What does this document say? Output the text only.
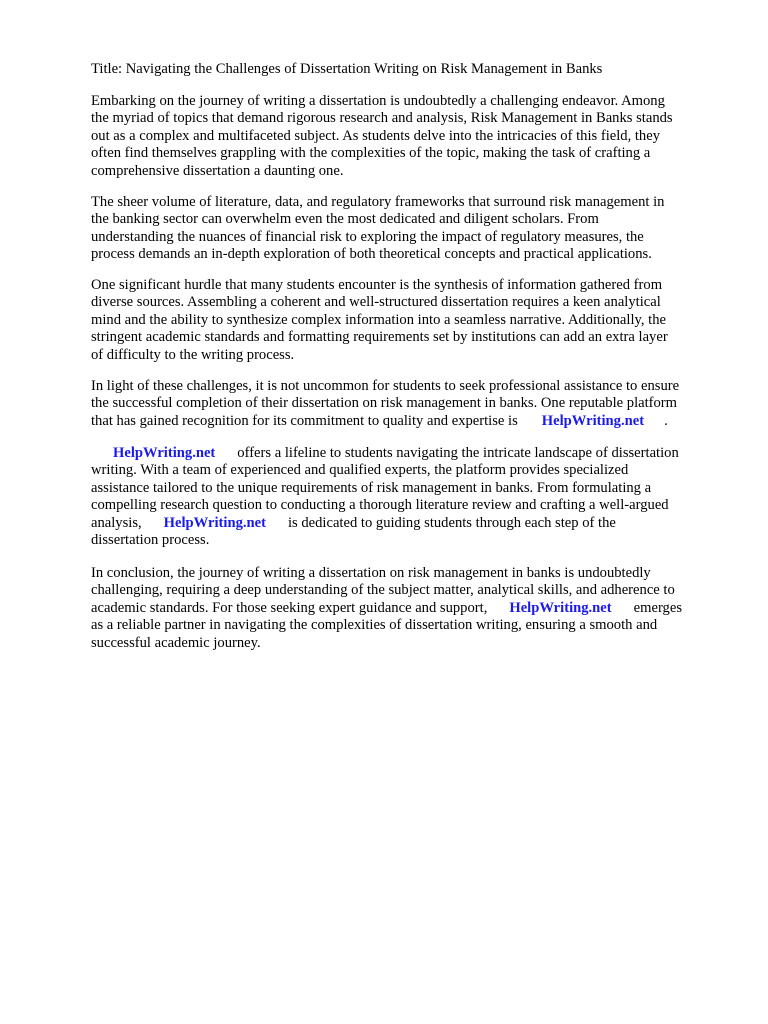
Title: Navigating the Challenges of Dissertation Writing on Risk Management in Banks
Embarking on the journey of writing a dissertation is undoubtedly a challenging endeavor. Among
the myriad of topics that demand rigorous research and analysis, Risk Management in Banks stands
out as a complex and multifaceted subject. As students delve into the intricacies of this field, they
often find themselves grappling with the complexities of the topic, making the task of crafting a
comprehensive dissertation a daunting one.
The sheer volume of literature, data, and regulatory frameworks that surround risk management in
the banking sector can overwhelm even the most dedicated and diligent scholars. From
understanding the nuances of financial risk to exploring the impact of regulatory measures, the
process demands an in-depth exploration of both theoretical concepts and practical applications.
One significant hurdle that many students encounter is the synthesis of information gathered from
diverse sources. Assembling a coherent and well-structured dissertation requires a keen analytical
mind and the ability to synthesize complex information into a seamless narrative. Additionally, the
stringent academic standards and formatting requirements set by institutions can add an extra layer
of difficulty to the writing process.
In light of these challenges, it is not uncommon for students to seek professional assistance to ensure
the successful completion of their dissertation on risk management in banks. One reputable platform
that has gained recognition for its commitment to quality and expertise is HelpWriting.net .
HelpWriting.net offers a lifeline to students navigating the intricate landscape of dissertation
writing. With a team of experienced and qualified experts, the platform provides specialized
assistance tailored to the unique requirements of risk management in banks. From formulating a
compelling research question to conducting a thorough literature review and crafting a well-argued
analysis, HelpWriting.net is dedicated to guiding students through each step of the
dissertation process.
In conclusion, the journey of writing a dissertation on risk management in banks is undoubtedly
challenging, requiring a deep understanding of the subject matter, analytical skills, and adherence to
academic standards. For those seeking expert guidance and support, HelpWriting.net emerges
as a reliable partner in navigating the complexities of dissertation writing, ensuring a smooth and
successful academic journey.
